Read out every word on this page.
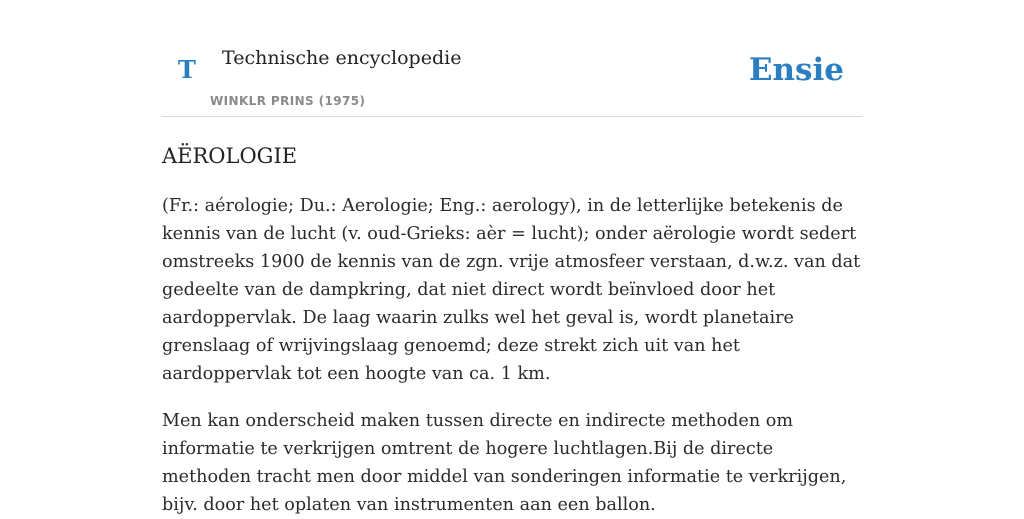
T Technische encyclopedie
WINKLR PRINS (1975)
Ensie
AËROLOGIE

(Fr.: aérologie; Du.: Aerologie; Eng.: aerology), in de letterlijke betekenis de kennis van de lucht (v. oud-Grieks: aèr = lucht); onder aërologie wordt sedert omstreeks 1900 de kennis van de zgn. vrije atmosfeer verstaan, d.w.z. van dat gedeelte van de dampkring, dat niet direct wordt beïnvloed door het aardoppervlak. De laag waarin zulks wel het geval is, wordt planetaire grenslaag of wrijvingslaag genoemd; deze strekt zich uit van het aardoppervlak tot een hoogte van ca. 1 km.

Men kan onderscheid maken tussen directe en indirecte methoden om informatie te verkrijgen omtrent de hogere luchtlagen.Bij de directe methoden tracht men door middel van sonderingen informatie te verkrijgen, bijv. door het oplaten van instrumenten aan een ballon.
